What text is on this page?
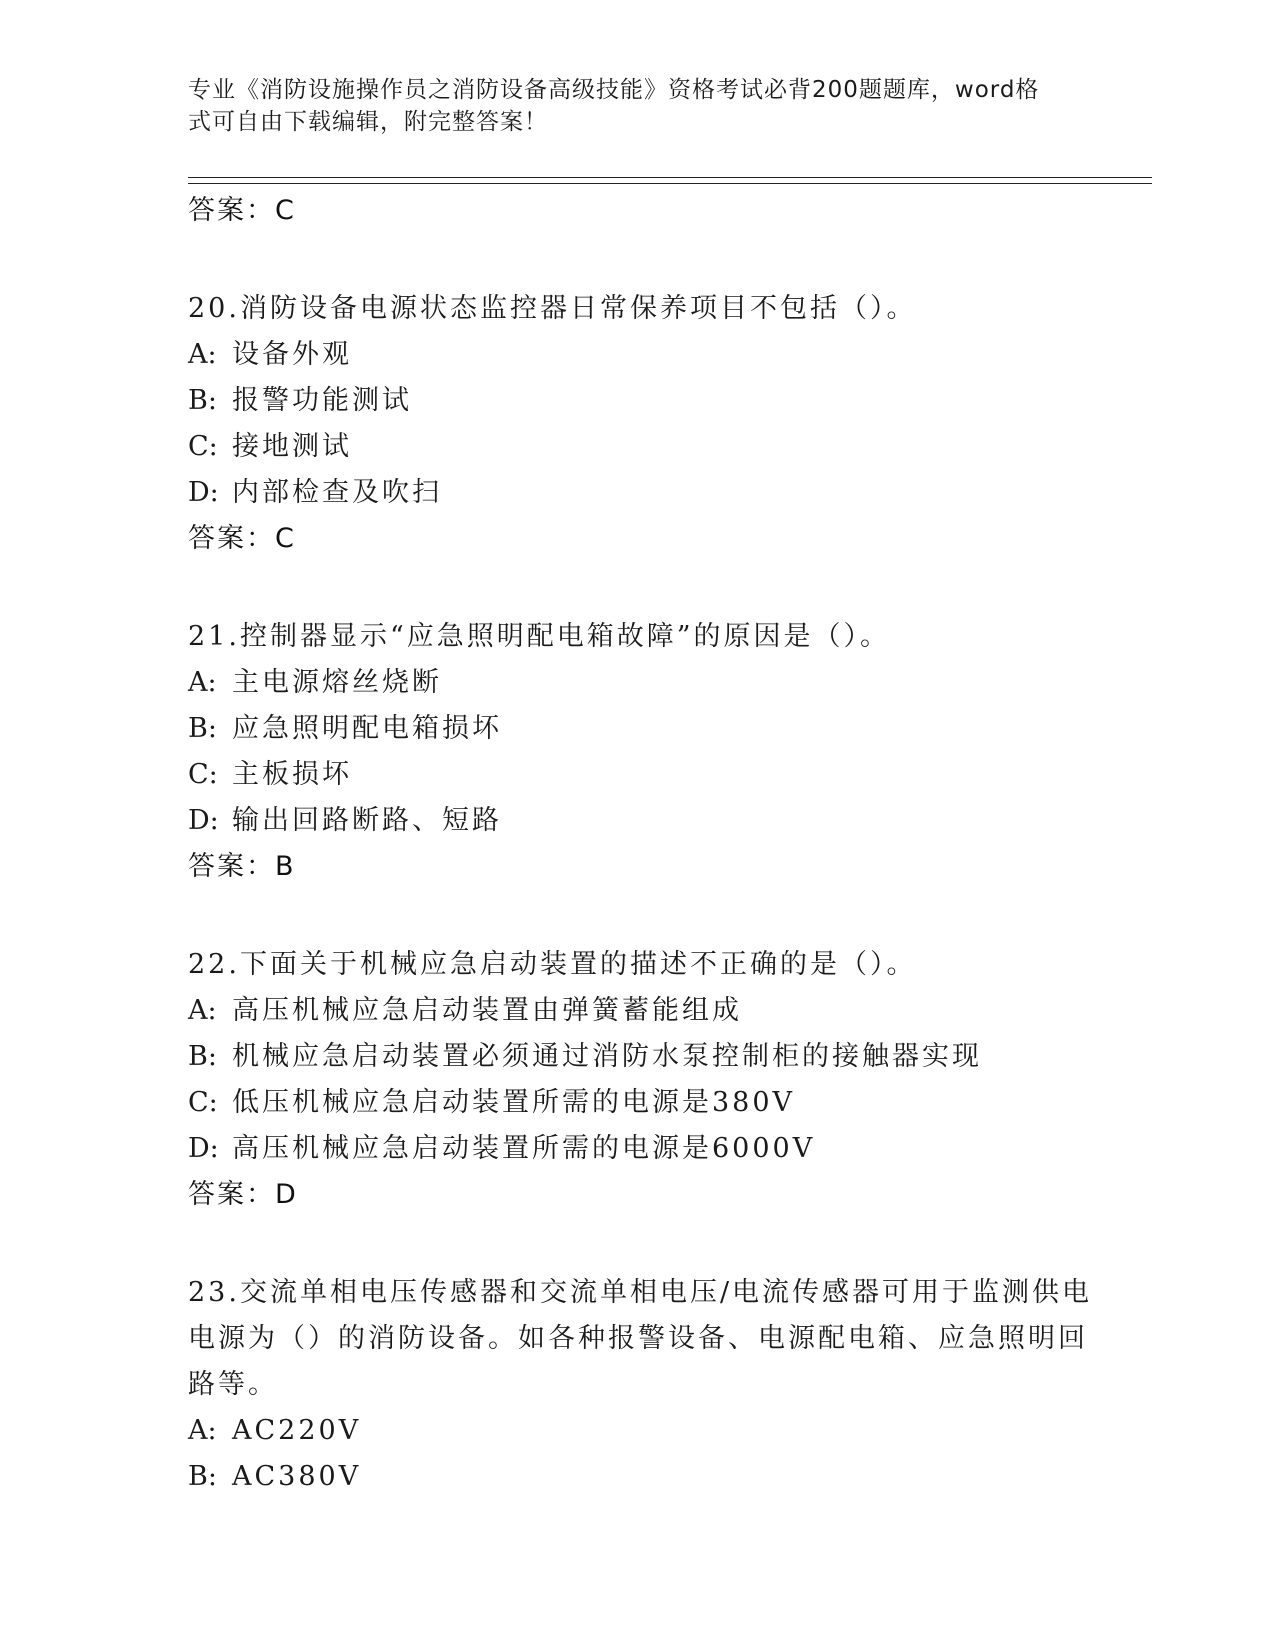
专业《消防设施操作员之消防设备高级技能》资格考试必背200题题库，word格
式可自由下载编辑，附完整答案！
答案：C
20.消防设备电源状态监控器日常保养项目不包括（）。
A: 设备外观
B: 报警功能测试
C: 接地测试
D: 内部检查及吹扫
答案：C
21.控制器显示“应急照明配电箱故障”的原因是（）。
A: 主电源熔丝烧断
B: 应急照明配电箱损坏
C: 主板损坏
D: 输出回路断路、短路
答案：B
22.下面关于机械应急启动装置的描述不正确的是（）。
A: 高压机械应急启动装置由弹簧蓄能组成
B: 机械应急启动装置必须通过消防水泵控制柜的接触器实现
C: 低压机械应急启动装置所需的电源是380V
D: 高压机械应急启动装置所需的电源是6000V
答案：D
23.交流单相电压传感器和交流单相电压/电流传感器可用于监测供电
电源为（）的消防设备。如各种报警设备、电源配电箱、应急照明回
路等。
A: AC220V
B: AC380V
